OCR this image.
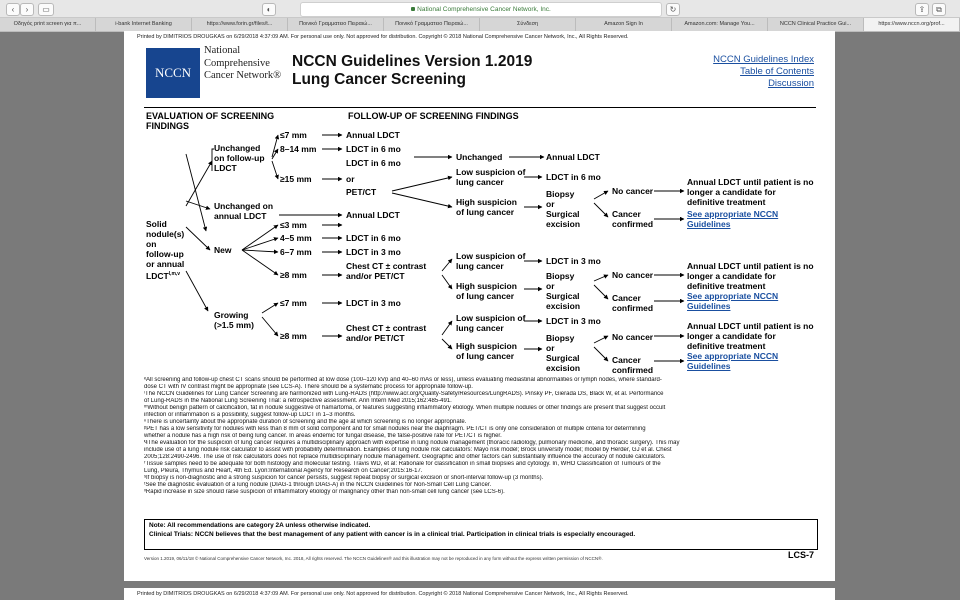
‹	›	▭	◐	National Comprehensive Cancer Network, Inc.	↻	⇪	⧉
Οδηγός print screen για π...	i-bank Internet Banking	https://www.forin.gr/files/t...	Ποινικό Γραμματειο Πειραιώ...	Ποινικό Γραμματειο Πειραιώ...	Σύνδεση	Amazon Sign In	Amazon.com: Manage You...	NCCN Clinical Practice Gui...	https://www.nccn.org/prof...
Printed by DIMITRIOS DROUGKAS on 6/29/2018 4:37:09 AM. For personal use only. Not approved for distribution. Copyright © 2018 National Comprehensive Cancer Network, Inc., All Rights Reserved.
NCCN
National Comprehensive Cancer Network®
NCCN Guidelines Version 1.2019
Lung Cancer Screening
NCCN Guidelines Index
Table of Contents
Discussion
EVALUATION OF SCREENING FINDINGS
FOLLOW-UP OF SCREENING FINDINGS
Solid nodule(s) on follow-up or annual LDCT$^{l,m,v}$
Unchanged on follow-up LDCT
Unchanged on annual LDCT
New
Growing (>1.5 mm)
≤7 mm
8–14 mm
≥15 mm
≤3 mm
4–5 mm
6–7 mm
≥8 mm
≤7 mm
≥8 mm
Annual LDCT
LDCT in 6 mo
LDCT in 6 mo
or
PET/CT
Annual LDCT
LDCT in 6 mo
LDCT in 3 mo
Chest CT ± contrast and/or PET/CT
LDCT in 3 mo
Chest CT ± contrast and/or PET/CT
Unchanged	Annual LDCT
Low suspicion of lung cancer
High suspicion of lung cancer
Low suspicion of lung cancer
High suspicion of lung cancer
Low suspicion of lung cancer
High suspicion of lung cancer
LDCT in 6 mo
Biopsy
or
Surgical excision
LDCT in 3 mo
Biopsy
or
Surgical excision
LDCT in 3 mo
Biopsy
or
Surgical excision
No cancer
Cancer confirmed
No cancer
Cancer confirmed
No cancer
Cancer confirmed
Annual LDCT until patient is no longer a candidate for definitive treatment
See appropriate NCCN Guidelines
Annual LDCT until patient is no longer a candidate for definitive treatment
See appropriate NCCN Guidelines
Annual LDCT until patient is no longer a candidate for definitive treatment
See appropriate NCCN Guidelines
ᵏAll screening and follow-up chest CT scans should be performed at low dose (100–120 kVp and 40–60 mAs or less), unless evaluating mediastinal abnormalities or lymph nodes, where standard-
dose CT with IV contrast might be appropriate (see LCS-A). There should be a systematic process for appropriate follow-up.
ˡThe NCCN Guidelines for Lung Cancer Screening are harmonized with Lung-RADS (http://www.acr.org/Quality-Safety/Resources/LungRADS). Pinsky PF, Gierada DS, Black W, et al. Performance
of Lung-RADS in the National Lung Screening Trial: a retrospective assessment. Ann Intern Med 2015;162:485-491.
ᵐWithout benign pattern of calcification, fat in nodule suggestive of hamartoma, or features suggesting inflammatory etiology. When multiple nodules or other findings are present that suggest occult
infection or inflammation is a possibility, suggest follow-up LDCT in 1–3 months.
ⁿThere is uncertainty about the appropriate duration of screening and the age at which screening is no longer appropriate.
ᵖPET has a low sensitivity for nodules with less than 8 mm of solid component and for small nodules near the diaphragm. PET/CT is only one consideration of multiple criteria for determining
whether a nodule has a high risk of being lung cancer. In areas endemic for fungal disease, the false-positive rate for PET/CT is higher.
ᑫThe evaluation for the suspicion of lung cancer requires a multidisciplinary approach with expertise in lung nodule management (thoracic radiology, pulmonary medicine, and thoracic surgery). This may
include use of a lung nodule risk calculator to assist with probability determination. Examples of lung nodule risk calculators: Mayo risk model; Brock university model; model by Herder, GJ et al. Chest
2005;128:2490-2496. The use of risk calculators does not replace multidisciplinary nodule management. Geographic and other factors can substantially influence the accuracy of nodule calculators.
ʳTissue samples need to be adequate for both histology and molecular testing. Travis WD, et al: Rationale for classification in small biopsies and cytology. In, WHO Classification of Tumours of the
Lung, Pleura, Thymus and Heart, 4th Ed. Lyon:International Agency for Research on Cancer;2015:16-17.
ˢIf biopsy is non-diagnostic and a strong suspicion for cancer persists, suggest repeat biopsy or surgical excision or short-interval follow-up (3 months).
ᵗSee the diagnostic evaluation of a lung nodule (DIAG-1 through DIAG-A) in the NCCN Guidelines for Non-Small Cell Lung Cancer.
ᵛRapid increase in size should raise suspicion of inflammatory etiology or malignancy other than non-small cell lung cancer (see LCS-6).
Note: All recommendations are category 2A unless otherwise indicated.
Clinical Trials: NCCN believes that the best management of any patient with cancer is in a clinical trial. Participation in clinical trials is especially encouraged.
Version 1.2019, 06/11/18 © National Comprehensive Cancer Network, Inc. 2018, All rights reserved. The NCCN Guidelines® and this illustration may not be reproduced in any form without the express written permission of NCCN®.	LCS-7
Printed by DIMITRIOS DROUGKAS on 6/29/2018 4:37:09 AM. For personal use only. Not approved for distribution. Copyright © 2018 National Comprehensive Cancer Network, Inc., All Rights Reserved.
